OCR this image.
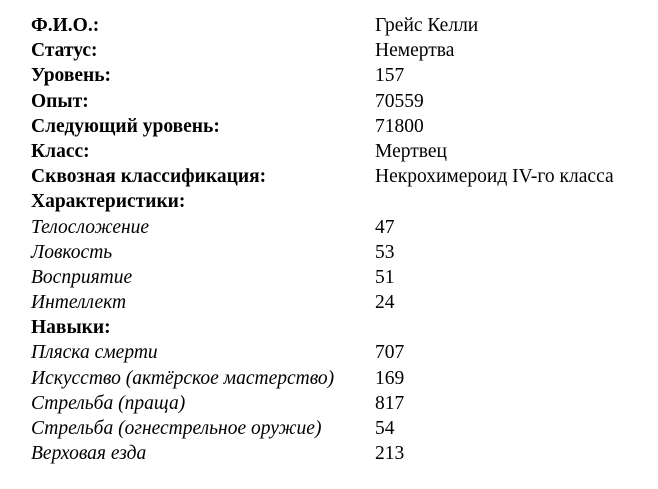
Ф.И.О.:	Грейс Келли
Статус:	Немертва
Уровень:	157
Опыт:	70559
Следующий уровень:	71800
Класс:	Мертвец
Сквозная классификация:	Некрохимероид IV-го класса
Характеристики:
Телосложение	47
Ловкость	53
Восприятие	51
Интеллект	24
Навыки:
Пляска смерти	707
Искусство (актёрское мастерство) 169
Стрельба (праща)	817
Стрельба (огнестрельное оружие)	54
Верховая езда	213
